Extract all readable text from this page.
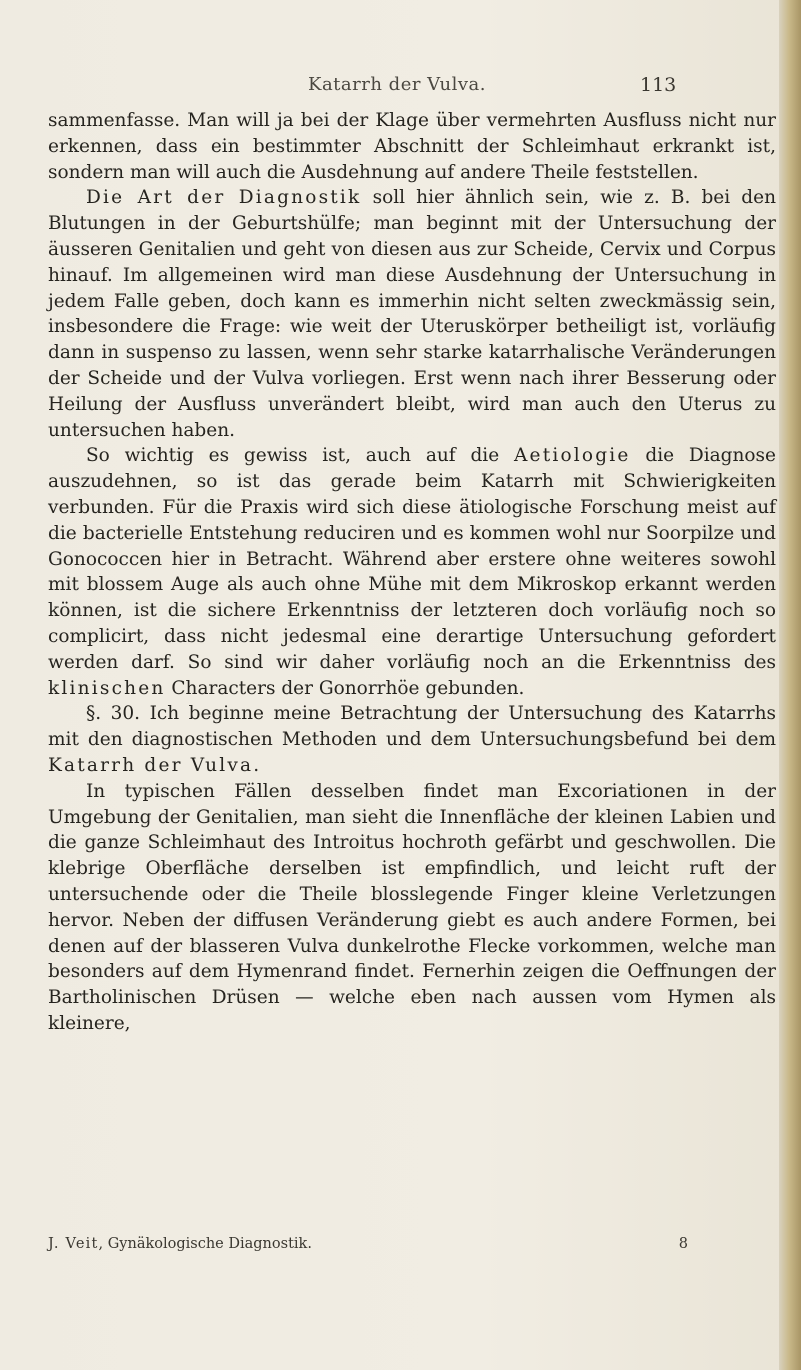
Katarrh der Vulva.	113

sammenfasse. Man will ja bei der Klage über vermehrten Ausfluss nicht nur erkennen, dass ein bestimmter Abschnitt der Schleimhaut erkrankt ist, sondern man will auch die Ausdehnung auf andere Theile feststellen.

Die Art der Diagnostik soll hier ähnlich sein, wie z. B. bei den Blutungen in der Geburtshülfe; man beginnt mit der Untersuchung der äusseren Genitalien und geht von diesen aus zur Scheide, Cervix und Corpus hinauf. Im allgemeinen wird man diese Ausdehnung der Untersuchung in jedem Falle geben, doch kann es immerhin nicht selten zweckmässig sein, insbesondere die Frage: wie weit der Uteruskörper betheiligt ist, vorläufig dann in suspenso zu lassen, wenn sehr starke katarrhalische Veränderungen der Scheide und der Vulva vorliegen. Erst wenn nach ihrer Besserung oder Heilung der Ausfluss unverändert bleibt, wird man auch den Uterus zu untersuchen haben.

So wichtig es gewiss ist, auch auf die Aetiologie die Diagnose auszudehnen, so ist das gerade beim Katarrh mit Schwierigkeiten verbunden. Für die Praxis wird sich diese ätiologische Forschung meist auf die bacterielle Entstehung reduciren und es kommen wohl nur Soorpilze und Gonococcen hier in Betracht. Während aber erstere ohne weiteres sowohl mit blossem Auge als auch ohne Mühe mit dem Mikroskop erkannt werden können, ist die sichere Erkenntniss der letzteren doch vorläufig noch so complicirt, dass nicht jedesmal eine derartige Untersuchung gefordert werden darf. So sind wir daher vorläufig noch an die Erkenntniss des klinischen Characters der Gonorrhöe gebunden.

§. 30. Ich beginne meine Betrachtung der Untersuchung des Katarrhs mit den diagnostischen Methoden und dem Untersuchungsbefund bei dem Katarrh der Vulva.

In typischen Fällen desselben findet man Excoriationen in der Umgebung der Genitalien, man sieht die Innenfläche der kleinen Labien und die ganze Schleimhaut des Introitus hochroth gefärbt und geschwollen. Die klebrige Oberfläche derselben ist empfindlich, und leicht ruft der untersuchende oder die Theile blosslegende Finger kleine Verletzungen hervor. Neben der diffusen Veränderung giebt es auch andere Formen, bei denen auf der blasseren Vulva dunkelrothe Flecke vorkommen, welche man besonders auf dem Hymenrand findet. Fernerhin zeigen die Oeffnungen der Bartholinischen Drüsen — welche eben nach aussen vom Hymen als kleinere,

J. Veit, Gynäkologische Diagnostik.	8
